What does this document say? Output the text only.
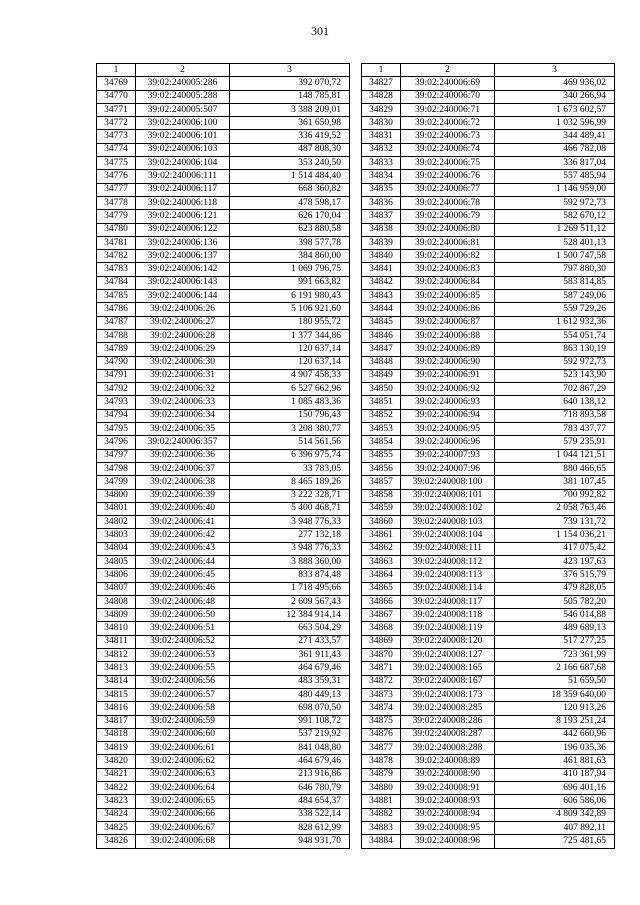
301
1	2	3
34769	39:02:240005:286	392 070,72
34770	39:02:240005:288	148 785,81
34771	39:02:240005:507	3 388 209,01
34772	39:02:240006:100	361 650,98
34773	39:02:240006:101	336 419,52
34774	39:02:240006:103	487 808,30
34775	39:02:240006:104	353 240,50
34776	39:02:240006:111	1 514 484,40
34777	39:02:240006:117	668 360,82
34778	39:02:240006:118	478 598,17
34779	39:02:240006:121	626 170,04
34780	39:02:240006:122	623 880,58
34781	39:02:240006:136	398 577,78
34782	39:02:240006:137	384 860,00
34783	39:02:240006:142	1 069 796,75
34784	39:02:240006:143	991 663,82
34785	39:02:240006:144	6 191 980,43
34786	39:02:240006:26	5 106 921,60
34787	39:02:240006:27	180 955,72
34788	39:02:240006:28	1 377 344,86
34789	39:02:240006:29	120 637,14
34790	39:02:240006:30	120 637,14
34791	39:02:240006:31	4 907 458,33
34792	39:02:240006:32	6 527 662,96
34793	39:02:240006:33	1 085 483,36
34794	39:02:240006:34	150 796,43
34795	39:02:240006:35	3 208 380,77
34796	39:02:240006:357	514 561,56
34797	39:02:240006:36	6 396 975,74
34798	39:02:240006:37	33 783,05
34799	39:02:240006:38	8 465 189,26
34800	39:02:240006:39	3 222 328,71
34801	39:02:240006:40	5 400 468,71
34802	39:02:240006:41	3 948 776,33
34803	39:02:240006:42	277 132,18
34804	39:02:240006:43	3 948 776,33
34805	39:02:240006:44	3 888 360,00
34806	39:02:240006:45	833 874,48
34807	39:02:240006:46	1 718 495,66
34808	39:02:240006:48	2 609 567,43
34809	39:02:240006:50	12 384 914,14
34810	39:02:240006:51	663 504,29
34811	39:02:240006:52	271 433,57
34812	39:02:240006:53	361 911,43
34813	39:02:240006:55	464 679,46
34814	39:02:240006:56	483 359,31
34815	39:02:240006:57	480 449,13
34816	39:02:240006:58	698 070,50
34817	39:02:240006:59	991 108,72
34818	39:02:240006:60	537 219,92
34819	39:02:240006:61	841 048,80
34820	39:02:240006:62	464 679,46
34821	39:02:240006:63	213 916,86
34822	39:02:240006:64	646 780,79
34823	39:02:240006:65	484 654,37
34824	39:02:240006:66	338 522,14
34825	39:02:240006:67	828 612,99
34826	39:02:240006:68	948 931,70
1	2	3
34827	39:02:240006:69	469 936,02
34828	39:02:240006:70	340 266,94
34829	39:02:240006:71	1 673 602,57
34830	39:02:240006:72	1 032 596,99
34831	39:02:240006:73	344 489,41
34832	39:02:240006:74	466 782,08
34833	39:02:240006:75	336 817,04
34834	39:02:240006:76	557 485,94
34835	39:02:240006:77	1 146 959,00
34836	39:02:240006:78	592 972,73
34837	39:02:240006:79	582 670,12
34838	39:02:240006:80	1 269 511,12
34839	39:02:240006:81	528 401,13
34840	39:02:240006:82	1 500 747,58
34841	39:02:240006:83	797 880,30
34842	39:02:240006:84	583 814,85
34843	39:02:240006:85	587 249,06
34844	39:02:240006:86	559 729,26
34845	39:02:240006:87	1 612 932,36
34846	39:02:240006:88	554 051,74
34847	39:02:240006:89	863 130,19
34848	39:02:240006:90	592 972,73
34849	39:02:240006:91	523 143,90
34850	39:02:240006:92	702 867,29
34851	39:02:240006:93	640 138,12
34852	39:02:240006:94	718 893,58
34853	39:02:240006:95	783 437,77
34854	39:02:240006:96	579 235,91
34855	39:02:240007:93	1 044 121,51
34856	39:02:240007:96	880 466,65
34857	39:02:240008:100	381 107,45
34858	39:02:240008:101	700 992,82
34859	39:02:240008:102	2 058 763,46
34860	39:02:240008:103	739 131,72
34861	39:02:240008:104	1 154 036,21
34862	39:02:240008:111	417 075,42
34863	39:02:240008:112	423 197,63
34864	39:02:240008:113	376 515,79
34865	39:02:240008:114	479 828,05
34866	39:02:240008:117	505 782,20
34867	39:02:240008:118	546 014,88
34868	39:02:240008:119	489 689,13
34869	39:02:240008:120	517 277,25
34870	39:02:240008:127	723 361,99
34871	39:02:240008:165	2 166 687,68
34872	39:02:240008:167	51 659,50
34873	39:02:240008:173	18 359 640,00
34874	39:02:240008:285	120 913,26
34875	39:02:240008:286	8 193 251,24
34876	39:02:240008:287	442 660,96
34877	39:02:240008:288	196 035,36
34878	39:02:240008:89	461 881,63
34879	39:02:240008:90	410 187,94
34880	39:02:240008:91	696 401,16
34881	39:02:240008:93	606 586,06
34882	39:02:240008:94	4 809 342,89
34883	39:02:240008:95	407 892,11
34884	39:02:240008:96	725 481,65
